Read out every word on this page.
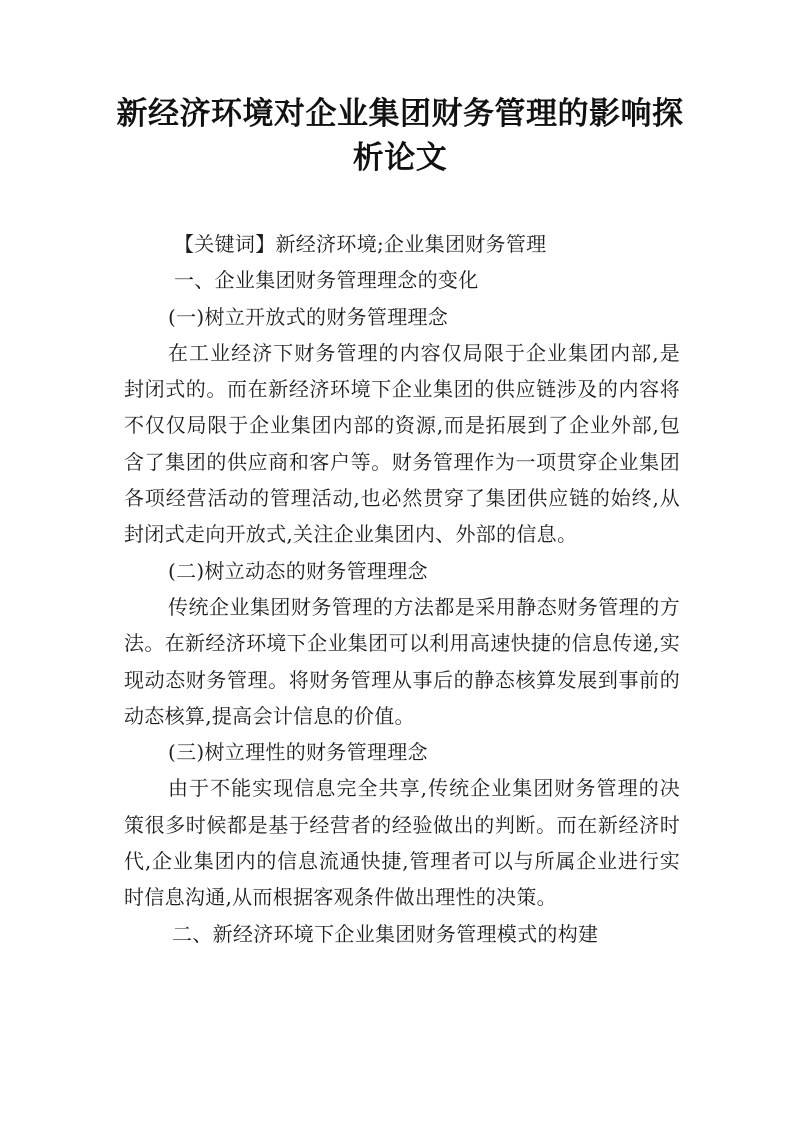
新经济环境对企业集团财务管理的影响探析论文

【关键词】新经济环境;企业集团财务管理

一、企业集团财务管理理念的变化

(一)树立开放式的财务管理理念

在工业经济下财务管理的内容仅局限于企业集团内部,是封闭式的。而在新经济环境下企业集团的供应链涉及的内容将不仅仅局限于企业集团内部的资源,而是拓展到了企业外部,包含了集团的供应商和客户等。财务管理作为一项贯穿企业集团各项经营活动的管理活动,也必然贯穿了集团供应链的始终,从封闭式走向开放式,关注企业集团内、外部的信息。

(二)树立动态的财务管理理念

传统企业集团财务管理的方法都是采用静态财务管理的方法。在新经济环境下企业集团可以利用高速快捷的信息传递,实现动态财务管理。将财务管理从事后的静态核算发展到事前的动态核算,提高会计信息的价值。

(三)树立理性的财务管理理念

由于不能实现信息完全共享,传统企业集团财务管理的决策很多时候都是基于经营者的经验做出的判断。而在新经济时代,企业集团内的信息流通快捷,管理者可以与所属企业进行实时信息沟通,从而根据客观条件做出理性的决策。

二、新经济环境下企业集团财务管理模式的构建
